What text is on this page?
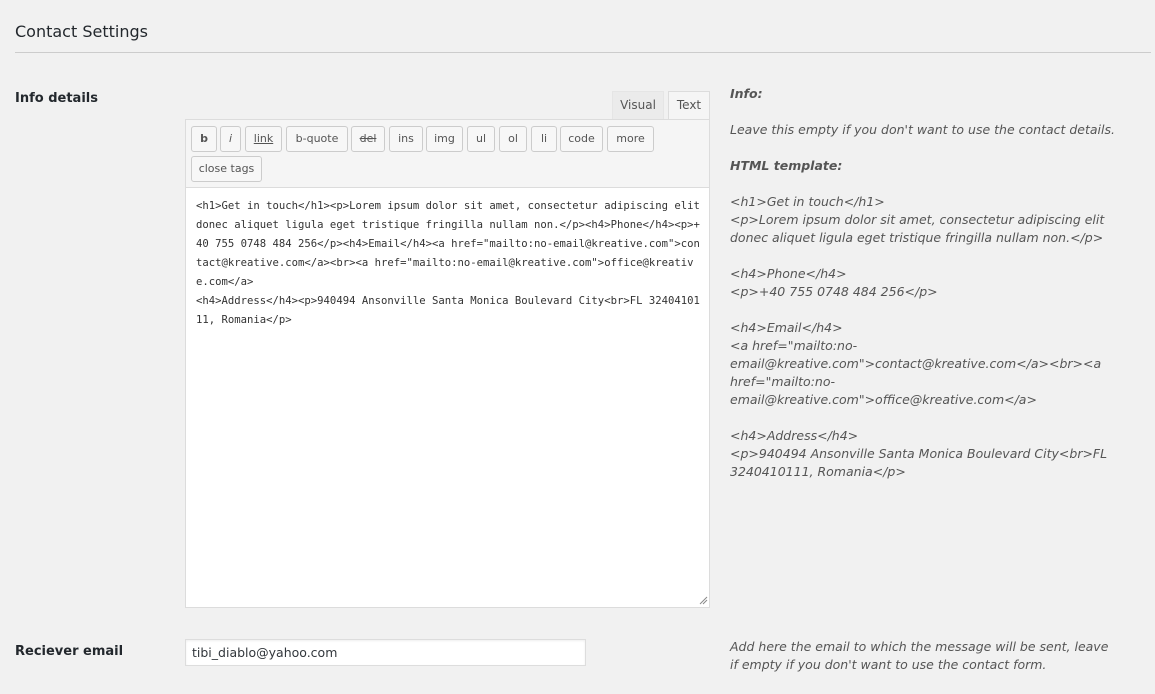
Contact Settings
Info details	Visual	Text
b	i	link	b-quote	del	ins	img	ul	ol	li	code	more
close tags
<h1>Get in touch</h1><p>Lorem ipsum dolor sit amet, consectetur adipiscing elit donec aliquet ligula eget tristique fringilla nullam non.</p><h4>Phone</h4><p>+40 755 0748 484 256</p><h4>Email</h4><a href="mailto:no-email@kreative.com">contact@kreative.com</a><br><a href="mailto:no-email@kreative.com">office@kreative.com</a>
<h4>Address</h4><p>940494 Ansonville Santa Monica Boulevard City<br>FL 3240410111, Romania</p>

Info:

Leave this empty if you don't want to use the contact details.

HTML template:

<h1>Get in touch</h1>

<p>Lorem ipsum dolor sit amet, consectetur adipiscing elit donec aliquet ligula eget tristique fringilla nullam non.</p>

<h4>Phone</h4>

<p>+40 755 0748 484 256</p>

<h4>Email</h4>

<a href="mailto:no-email@kreative.com">contact@kreative.com</a><br><a href="mailto:no-email@kreative.com">office@kreative.com</a>

<h4>Address</h4>

<p>940494 Ansonville Santa Monica Boulevard City<br>FL 3240410111, Romania</p>

Reciever email
tibi_diablo@yahoo.com	Add here the email to which the message will be sent, leave if empty if you don't want to use the contact form.
